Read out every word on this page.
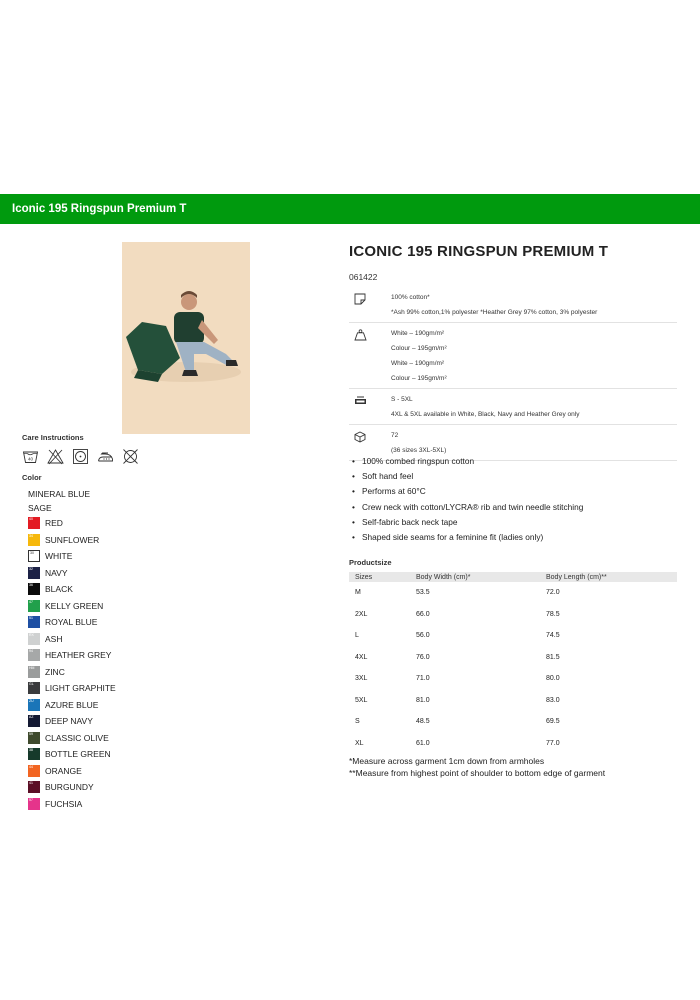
Iconic 195 Ringspun Premium T
Care Instructions
40
Color
MINERAL BLUE
SAGE
40 RED
34 SUNFLOWER
30 WHITE
32 NAVY
36 BLACK
47 KELLY GREEN
51 ROYAL BLUE
RX ASH
94 HEATHER GREY
HM ZINC
GL LIGHT GRAPHITE
ZU AZURE BLUE
AZ DEEP NAVY
59 CLASSIC OLIVE
38 BOTTLE GREEN
44 ORANGE
41 BURGUNDY
57 FUCHSIA
ICONIC 195 RINGSPUN PREMIUM T
061422
100% cotton*
*Ash 99% cotton,1% polyester *Heather Grey 97% cotton, 3% polyester
White – 190gm/m²
Colour – 195gm/m²
White – 190gm/m²
Colour – 195gm/m²
S - 5XL
4XL & 5XL available in White, Black, Navy and Heather Grey only
72
(36 sizes 3XL-5XL)
• 100% combed ringspun cotton
• Soft hand feel
• Performs at 60°C
• Crew neck with cotton/LYCRA® rib and twin needle stitching
• Self-fabric back neck tape
• Shaped side seams for a feminine fit (ladies only)
Productsize
Sizes	Body Width (cm)*	Body Length (cm)**
M	53.5	72.0
2XL	66.0	78.5
L	56.0	74.5
4XL	76.0	81.5
3XL	71.0	80.0
5XL	81.0	83.0
S	48.5	69.5
XL	61.0	77.0
*Measure across garment 1cm down from armholes
**Measure from highest point of shoulder to bottom edge of garment
